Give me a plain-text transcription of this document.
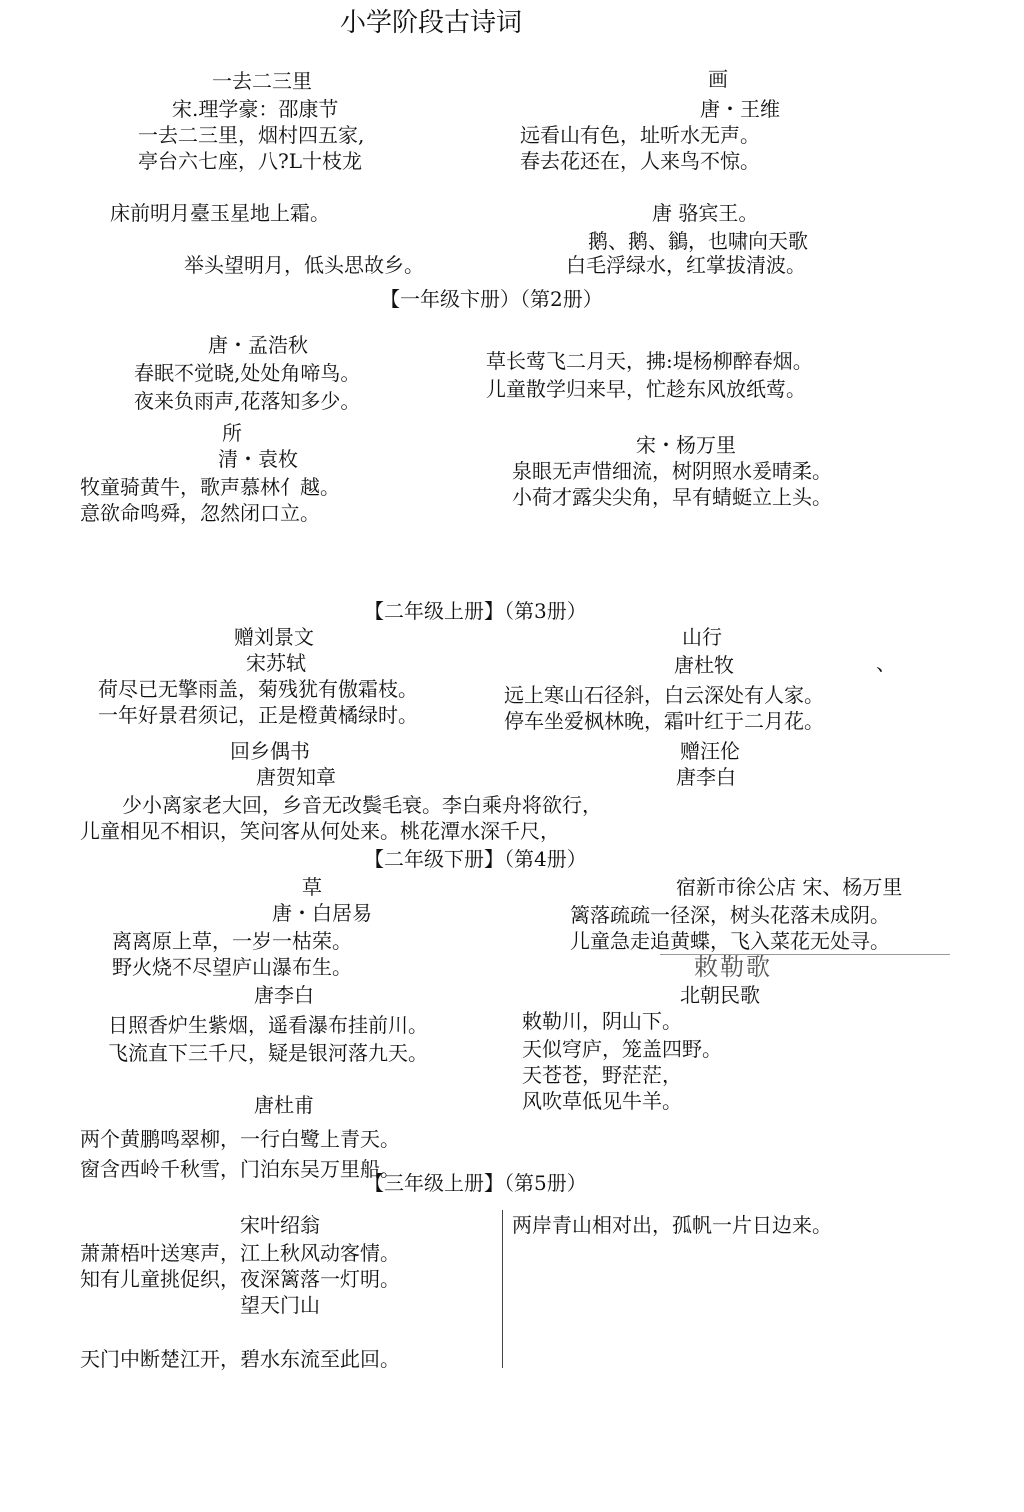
小学阶段古诗词
一去二三里
宋.理学豪：邵康节
一去二三里，烟村四五家,
亭台六七座，八?L十枝龙
画
唐・王维
远看山有色，址听水无声。
春去花还在，人来鸟不惊。
床前明月臺玉星地上霜。	唐 骆宾王。
鹅、鹅、鶲，也啸向天歌
举头望明月，低头思故乡。	白毛浮绿水，红掌拔清波。
【一年级卞册）（第2册）
唐・孟浩秋
春眠不觉晓,处处角啼鸟。
夜来负雨声,花落知多少。
草长莺飞二月天，拂:堤杨柳醉春烟。
儿童散学归来早，忙趁东风放纸莺。
所
清・袁枚
牧童骑黄牛，歌声慕林亻越。
意欲命鸣舜，忽然闭口立。
宋・杨万里
泉眼无声惜细流，树阴照水爰晴柔。
小荷才露尖尖角，早有蜻蜓立上头。
【二年级上册】（第3册）
赠刘景文
宋苏轼
荷尽已无擎雨盖，菊残犹有傲霜枝。
一年好景君须记，正是橙黄橘绿时。
山行
唐杜牧	、
远上寒山石径斜，白云深处有人家。
停车坐爱枫林晚，霜叶红于二月花。
回乡偶书
唐贺知章
赠汪伦
唐李白
少小离家老大回，乡音无改鬓毛衰。李白乘舟将欲行，
儿童相见不相识，笑问客从何处来。桃花潭水深千尺，
【二年级下册】（第4册）
草
唐・白居易
离离原上草，一岁一枯荣。
野火烧不尽望庐山瀑布生。
宿新市徐公店 宋、杨万里
篱落疏疏一径深，树头花落未成阴。
儿童急走追黄蝶，飞入菜花无处寻。
敕勒歌
唐李白	北朝民歌
日照香炉生紫烟，遥看瀑布挂前川。
飞流直下三千尺，疑是银河落九天。
敕勒川，阴山下。
天似穹庐，笼盖四野。
天苍苍，野茫茫，
风吹草低见牛羊。
唐杜甫
两个黄鹏鸣翠柳，一行白鹭上青天。
窗含西岭千秋雪，门泊东吴万里船。
【三年级上册】（第5册）
宋叶绍翁
萧萧梧叶送寒声，江上秋风动客情。
知有儿童挑促织，夜深篱落一灯明。
望天门山
天门中断楚江开，碧水东流至此回。
两岸青山相对出，孤帆一片日边来。
